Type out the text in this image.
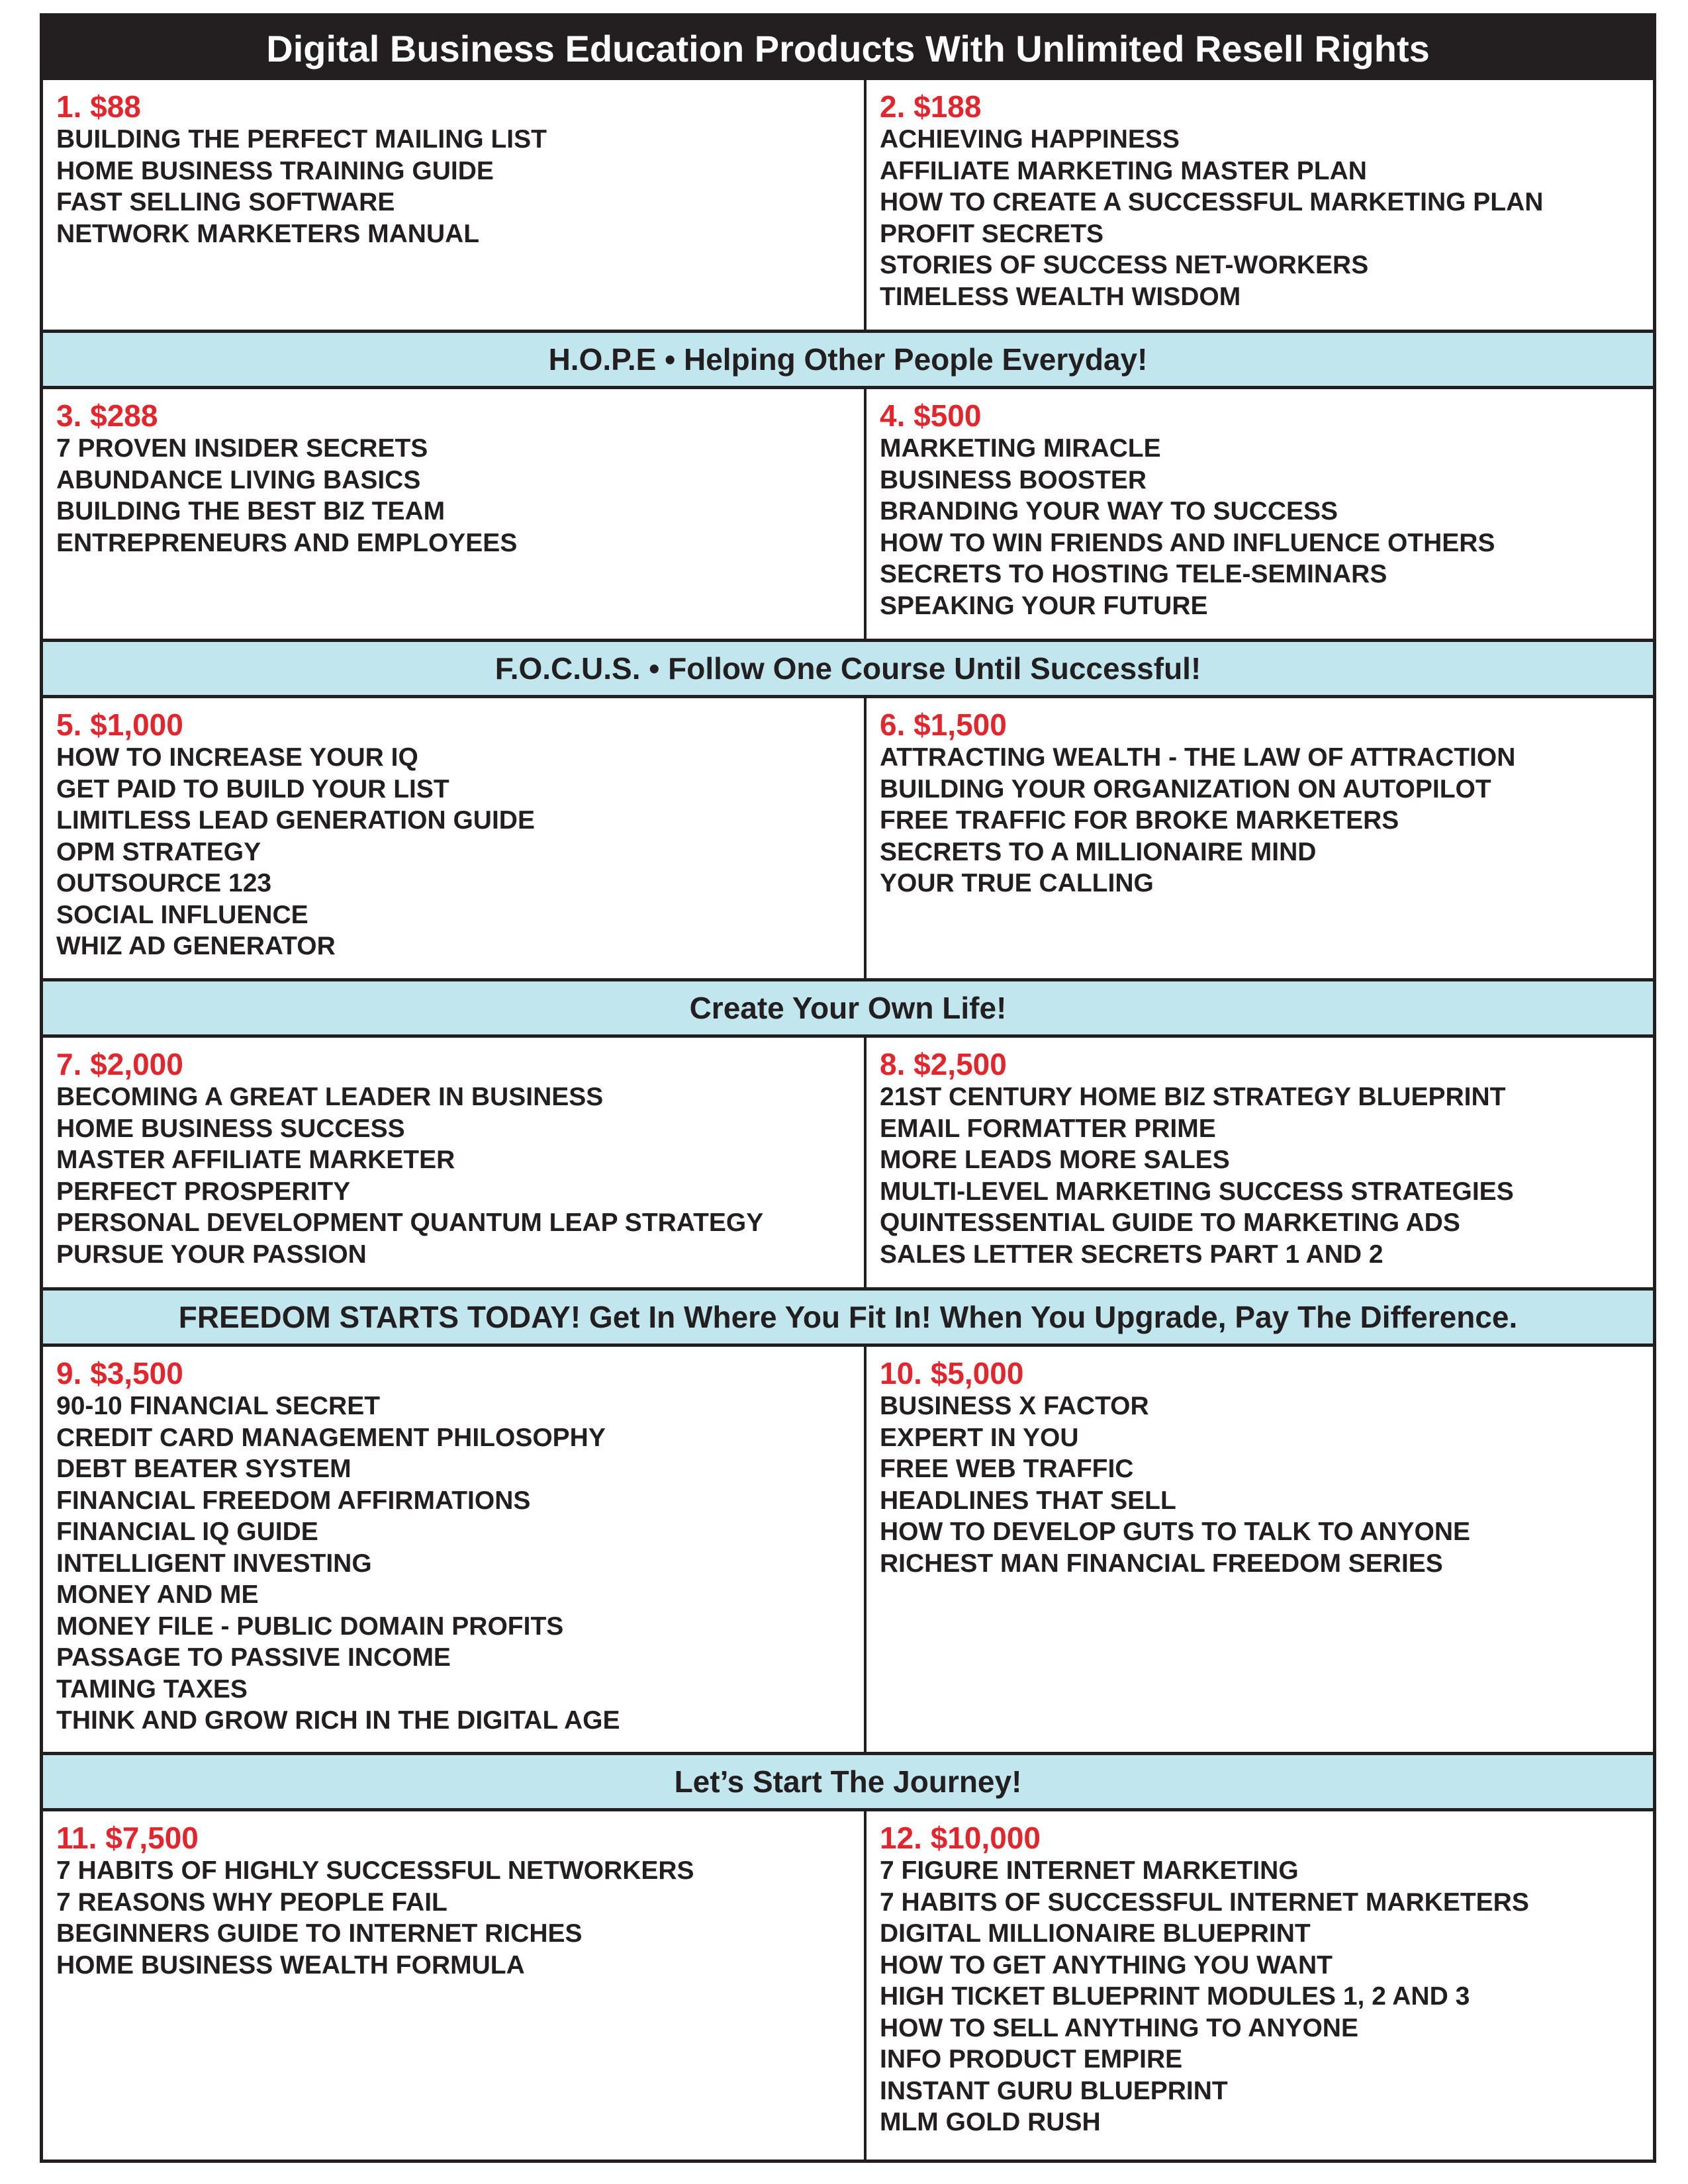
Digital Business Education Products With Unlimited Resell Rights
1. $88
BUILDING THE PERFECT MAILING LIST
HOME BUSINESS TRAINING GUIDE
FAST SELLING SOFTWARE
NETWORK MARKETERS MANUAL
2. $188
ACHIEVING HAPPINESS
AFFILIATE MARKETING MASTER PLAN
HOW TO CREATE A SUCCESSFUL MARKETING PLAN
PROFIT SECRETS
STORIES OF SUCCESS NET-WORKERS
TIMELESS WEALTH WISDOM
H.O.P.E • Helping Other People Everyday!
3. $288
7 PROVEN INSIDER SECRETS
ABUNDANCE LIVING BASICS
BUILDING THE BEST BIZ TEAM
ENTREPRENEURS AND EMPLOYEES
4. $500
MARKETING MIRACLE
BUSINESS BOOSTER
BRANDING YOUR WAY TO SUCCESS
HOW TO WIN FRIENDS AND INFLUENCE OTHERS
SECRETS TO HOSTING TELE-SEMINARS
SPEAKING YOUR FUTURE
F.O.C.U.S. • Follow One Course Until Successful!
5. $1,000
HOW TO INCREASE YOUR IQ
GET PAID TO BUILD YOUR LIST
LIMITLESS LEAD GENERATION GUIDE
OPM STRATEGY
OUTSOURCE 123
SOCIAL INFLUENCE
WHIZ AD GENERATOR
6. $1,500
ATTRACTING WEALTH - THE LAW OF ATTRACTION
BUILDING YOUR ORGANIZATION ON AUTOPILOT
FREE TRAFFIC FOR BROKE MARKETERS
SECRETS TO A MILLIONAIRE MIND
YOUR TRUE CALLING
Create Your Own Life!
7. $2,000
BECOMING A GREAT LEADER IN BUSINESS
HOME BUSINESS SUCCESS
MASTER AFFILIATE MARKETER
PERFECT PROSPERITY
PERSONAL DEVELOPMENT QUANTUM LEAP STRATEGY
PURSUE YOUR PASSION
8. $2,500
21ST CENTURY HOME BIZ STRATEGY BLUEPRINT
EMAIL FORMATTER PRIME
MORE LEADS MORE SALES
MULTI-LEVEL MARKETING SUCCESS STRATEGIES
QUINTESSENTIAL GUIDE TO MARKETING ADS
SALES LETTER SECRETS PART 1 AND 2
FREEDOM STARTS TODAY! Get In Where You Fit In! When You Upgrade, Pay The Difference.
9. $3,500
90-10 FINANCIAL SECRET
CREDIT CARD MANAGEMENT PHILOSOPHY
DEBT BEATER SYSTEM
FINANCIAL FREEDOM AFFIRMATIONS
FINANCIAL IQ GUIDE
INTELLIGENT INVESTING
MONEY AND ME
MONEY FILE - PUBLIC DOMAIN PROFITS
PASSAGE TO PASSIVE INCOME
TAMING TAXES
THINK AND GROW RICH IN THE DIGITAL AGE
10. $5,000
BUSINESS X FACTOR
EXPERT IN YOU
FREE WEB TRAFFIC
HEADLINES THAT SELL
HOW TO DEVELOP GUTS TO TALK TO ANYONE
RICHEST MAN FINANCIAL FREEDOM SERIES
Let’s Start The Journey!
11. $7,500
7 HABITS OF HIGHLY SUCCESSFUL NETWORKERS
7 REASONS WHY PEOPLE FAIL
BEGINNERS GUIDE TO INTERNET RICHES
HOME BUSINESS WEALTH FORMULA
12. $10,000
7 FIGURE INTERNET MARKETING
7 HABITS OF SUCCESSFUL INTERNET MARKETERS
DIGITAL MILLIONAIRE BLUEPRINT
HOW TO GET ANYTHING YOU WANT
HIGH TICKET BLUEPRINT MODULES 1, 2 AND 3
HOW TO SELL ANYTHING TO ANYONE
INFO PRODUCT EMPIRE
INSTANT GURU BLUEPRINT
MLM GOLD RUSH
